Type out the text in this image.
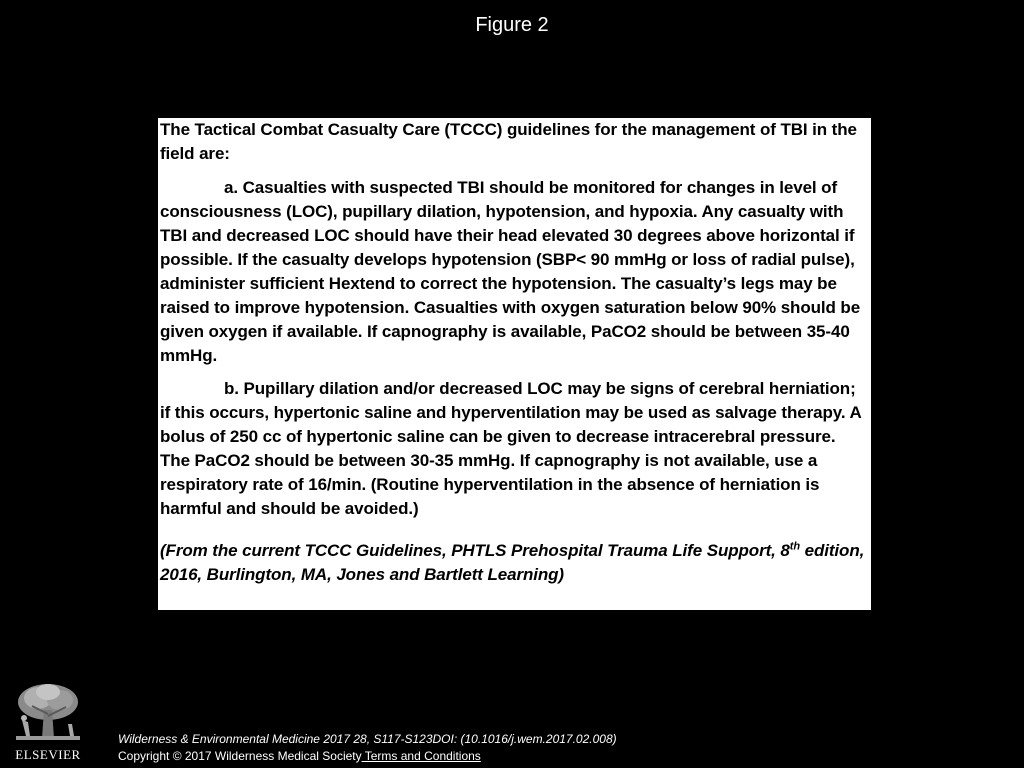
Figure 2

The Tactical Combat Casualty Care (TCCC) guidelines for the management of TBI in the field are:

a. Casualties with suspected TBI should be monitored for changes in level of consciousness (LOC), pupillary dilation, hypotension, and hypoxia. Any casualty with TBI and decreased LOC should have their head elevated 30 degrees above horizontal if possible. If the casualty develops hypotension (SBP< 90 mmHg or loss of radial pulse), administer sufficient Hextend to correct the hypotension. The casualty’s legs may be raised to improve hypotension. Casualties with oxygen saturation below 90% should be given oxygen if available. If capnography is available, PaCO2 should be between 35-40 mmHg.

b. Pupillary dilation and/or decreased LOC may be signs of cerebral herniation; if this occurs, hypertonic saline and hyperventilation may be used as salvage therapy. A bolus of 250 cc of hypertonic saline can be given to decrease intracerebral pressure. The PaCO2 should be between 30-35 mmHg. If capnography is not available, use a respiratory rate of 16/min. (Routine hyperventilation in the absence of herniation is harmful and should be avoided.)

(From the current TCCC Guidelines, PHTLS Prehospital Trauma Life Support, 8th edition, 2016, Burlington, MA, Jones and Bartlett Learning)

ELSEVIER
Wilderness & Environmental Medicine 2017 28, S117-S123DOI: (10.1016/j.wem.2017.02.008)
Copyright © 2017 Wilderness Medical Society Terms and Conditions
